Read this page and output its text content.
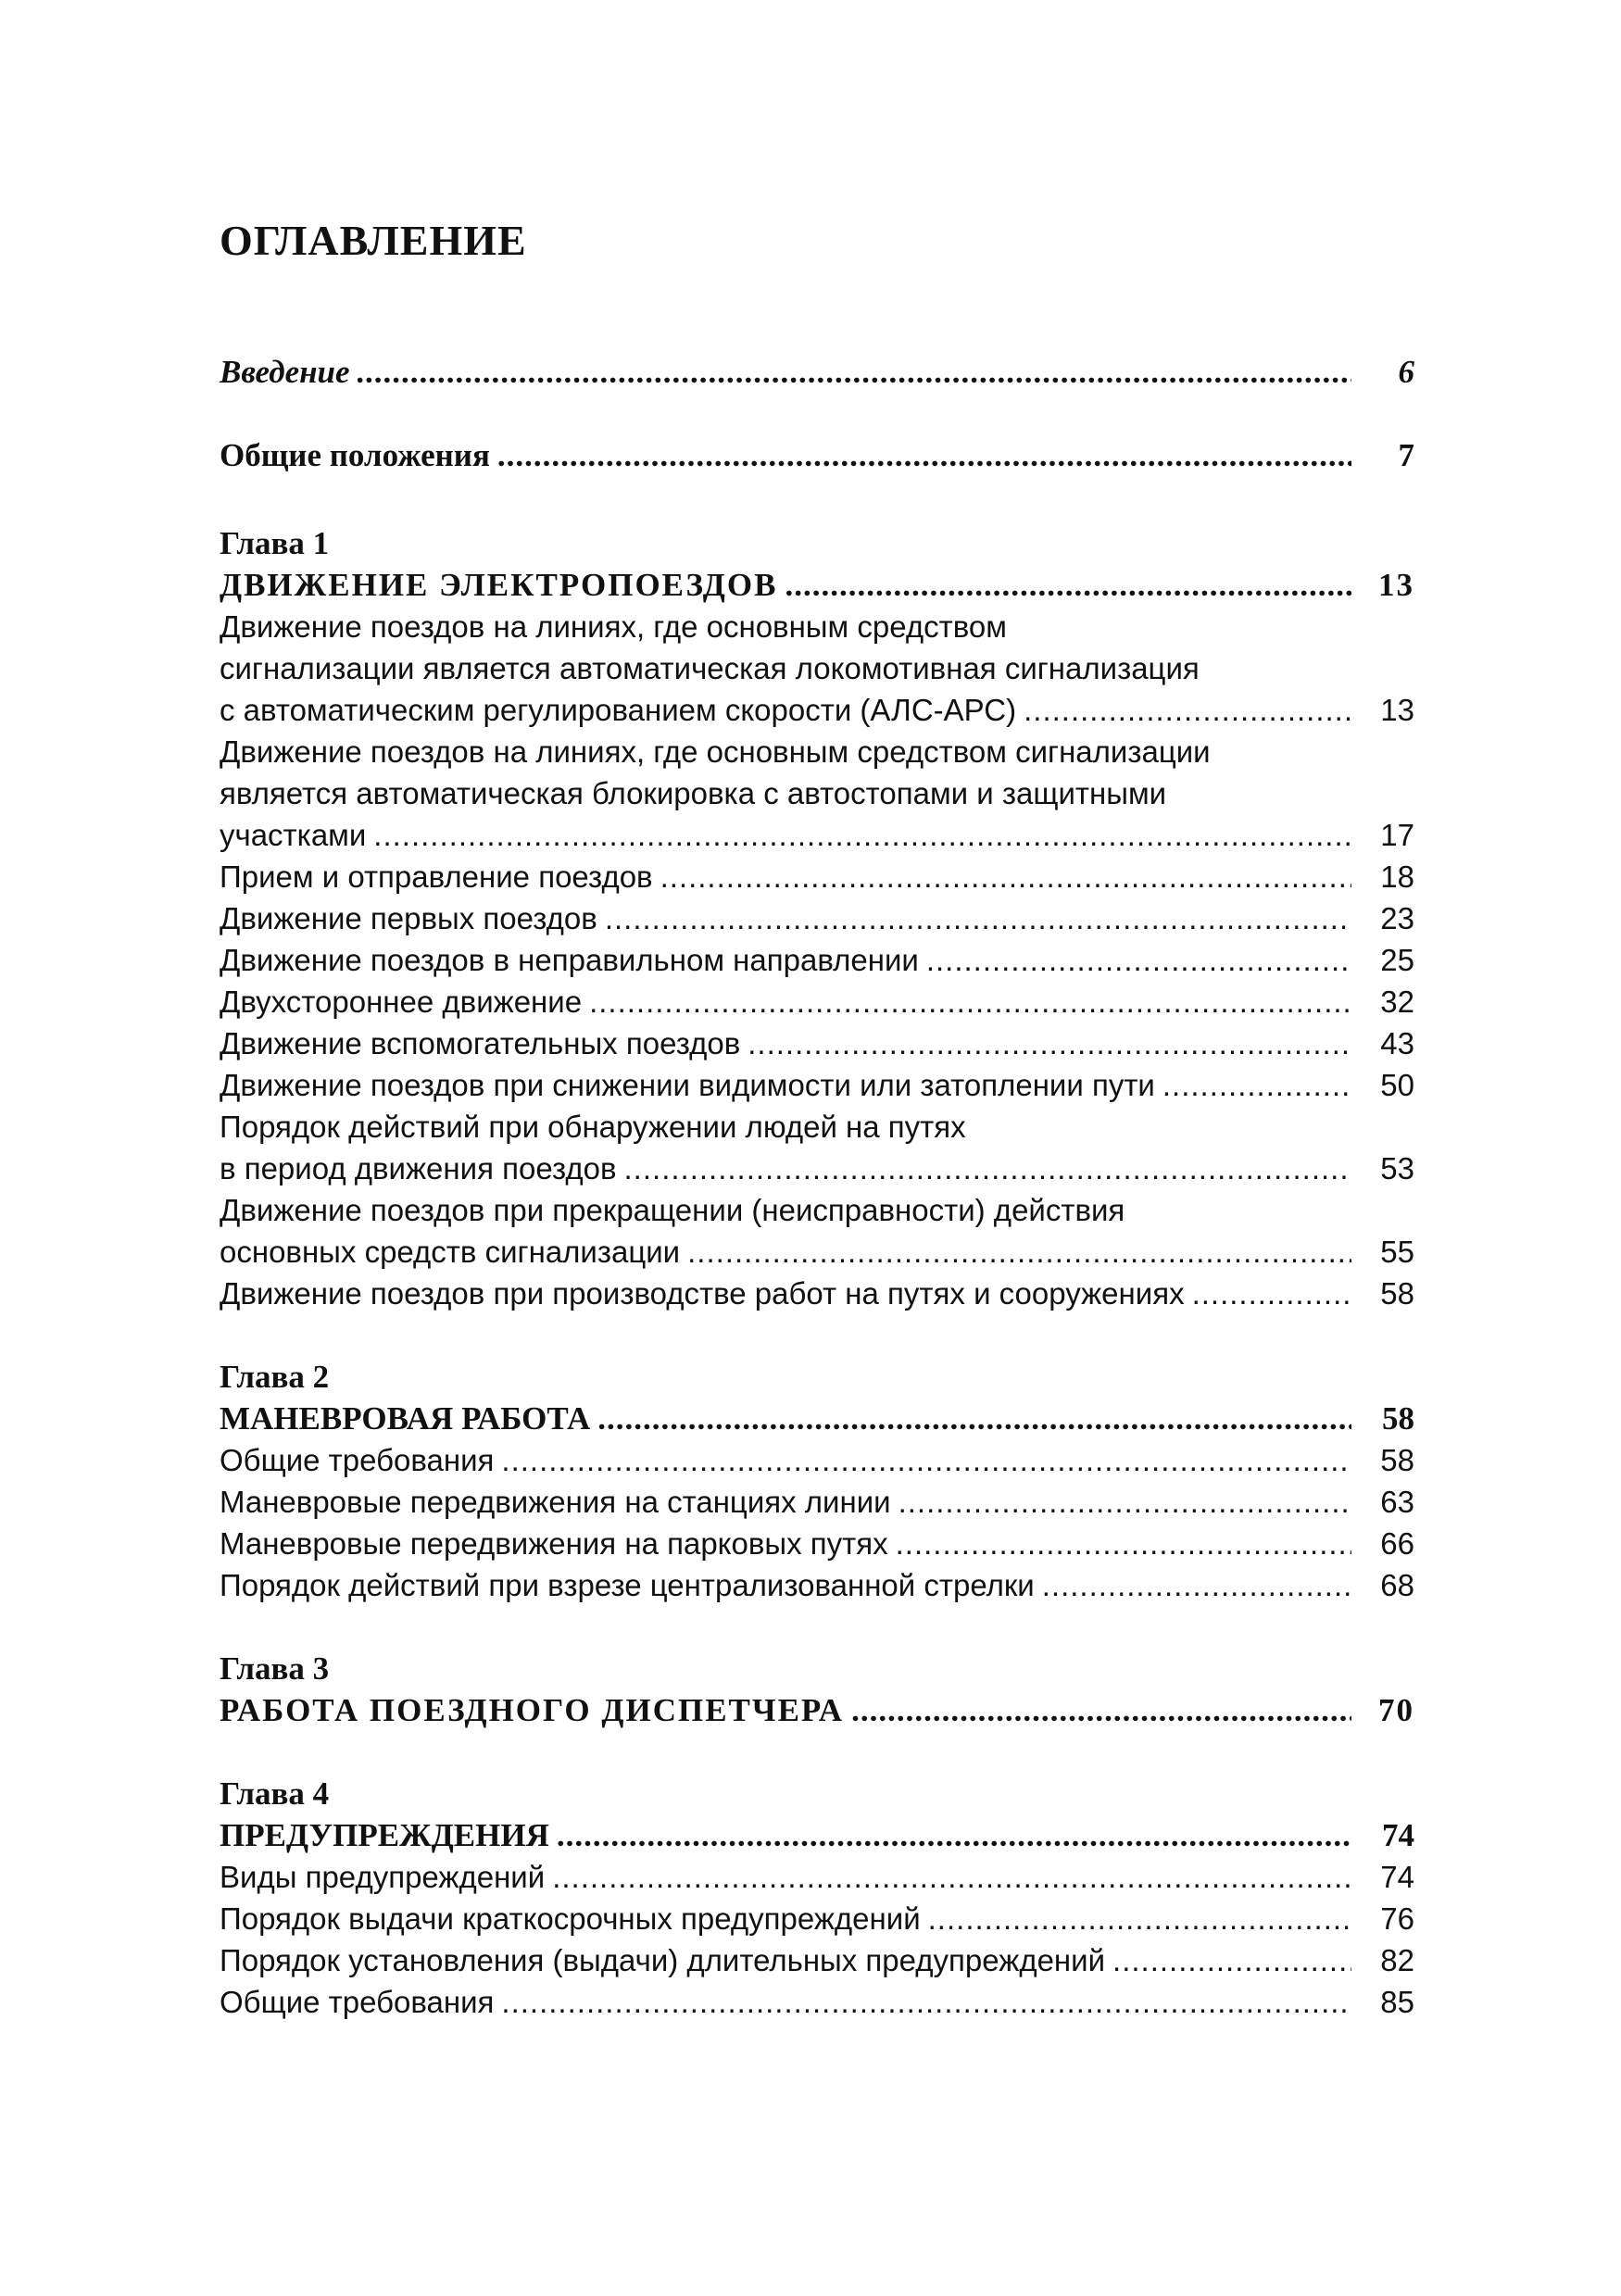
ОГЛАВЛЕНИЕ
Введение .....	6
Общие положения .....	7
Глава 1
ДВИЖЕНИЕ ЭЛЕКТРОПОЕЗДОВ .....	13
Движение поездов на линиях, где основным средством
сигнализации является автоматическая локомотивная сигнализация
с автоматическим регулированием скорости (АЛС-АРС) .....	13
Движение поездов на линиях, где основным средством сигнализации
является автоматическая блокировка с автостопами и защитными
участками .....	17
Прием и отправление поездов .....	18
Движение первых поездов .....	23
Движение поездов в неправильном направлении .....	25
Двухстороннее движение .....	32
Движение вспомогательных поездов .....	43
Движение поездов при снижении видимости или затоплении пути .....	50
Порядок действий при обнаружении людей на путях
в период движения поездов .....	53
Движение поездов при прекращении (неисправности) действия
основных средств сигнализации .....	55
Движение поездов при производстве работ на путях и сооружениях .....	58
Глава 2
МАНЕВРОВАЯ РАБОТА .....	58
Общие требования .....	58
Маневровые передвижения на станциях линии .....	63
Маневровые передвижения на парковых путях .....	66
Порядок действий при взрезе централизованной стрелки .....	68
Глава 3
РАБОТА ПОЕЗДНОГО ДИСПЕТЧЕРА .....	70
Глава 4
ПРЕДУПРЕЖДЕНИЯ .....	74
Виды предупреждений .....	74
Порядок выдачи краткосрочных предупреждений .....	76
Порядок установления (выдачи) длительных предупреждений .....	82
Общие требования .....	85
